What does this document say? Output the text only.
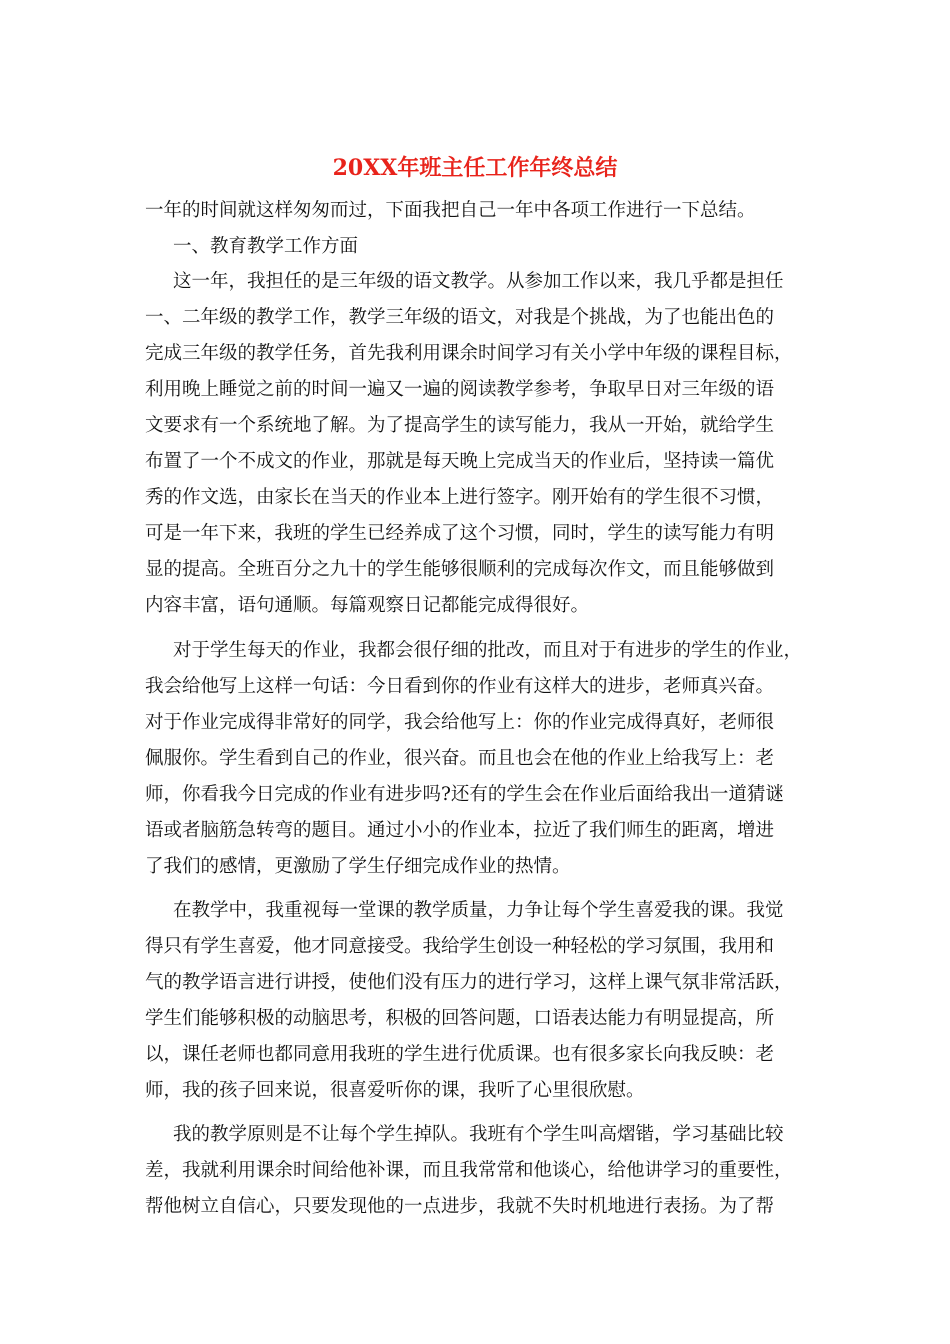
20XX年班主任工作年终总结
一年的时间就这样匆匆而过，下面我把自己一年中各项工作进行一下总结。
一、教育教学工作方面
这一年，我担任的是三年级的语文教学。从参加工作以来，我几乎都是担任
一、二年级的教学工作，教学三年级的语文，对我是个挑战，为了也能出色的
完成三年级的教学任务，首先我利用课余时间学习有关小学中年级的课程目标，
利用晚上睡觉之前的时间一遍又一遍的阅读教学参考，争取早日对三年级的语
文要求有一个系统地了解。为了提高学生的读写能力，我从一开始，就给学生
布置了一个不成文的作业，那就是每天晚上完成当天的作业后，坚持读一篇优
秀的作文选，由家长在当天的作业本上进行签字。刚开始有的学生很不习惯，
可是一年下来，我班的学生已经养成了这个习惯，同时，学生的读写能力有明
显的提高。全班百分之九十的学生能够很顺利的完成每次作文，而且能够做到
内容丰富，语句通顺。每篇观察日记都能完成得很好。
对于学生每天的作业，我都会很仔细的批改，而且对于有进步的学生的作业，
我会给他写上这样一句话：今日看到你的作业有这样大的进步，老师真兴奋。
对于作业完成得非常好的同学，我会给他写上：你的作业完成得真好，老师很
佩服你。学生看到自己的作业，很兴奋。而且也会在他的作业上给我写上：老
师，你看我今日完成的作业有进步吗?还有的学生会在作业后面给我出一道猜谜
语或者脑筋急转弯的题目。通过小小的作业本，拉近了我们师生的距离，增进
了我们的感情，更激励了学生仔细完成作业的热情。
在教学中，我重视每一堂课的教学质量，力争让每个学生喜爱我的课。我觉
得只有学生喜爱，他才同意接受。我给学生创设一种轻松的学习氛围，我用和
气的教学语言进行讲授，使他们没有压力的进行学习，这样上课气氛非常活跃，
学生们能够积极的动脑思考，积极的回答问题，口语表达能力有明显提高，所
以，课任老师也都同意用我班的学生进行优质课。也有很多家长向我反映：老
师，我的孩子回来说，很喜爱听你的课，我听了心里很欣慰。
我的教学原则是不让每个学生掉队。我班有个学生叫高熠锴，学习基础比较
差，我就利用课余时间给他补课，而且我常常和他谈心，给他讲学习的重要性，
帮他树立自信心，只要发现他的一点进步，我就不失时机地进行表扬。为了帮
